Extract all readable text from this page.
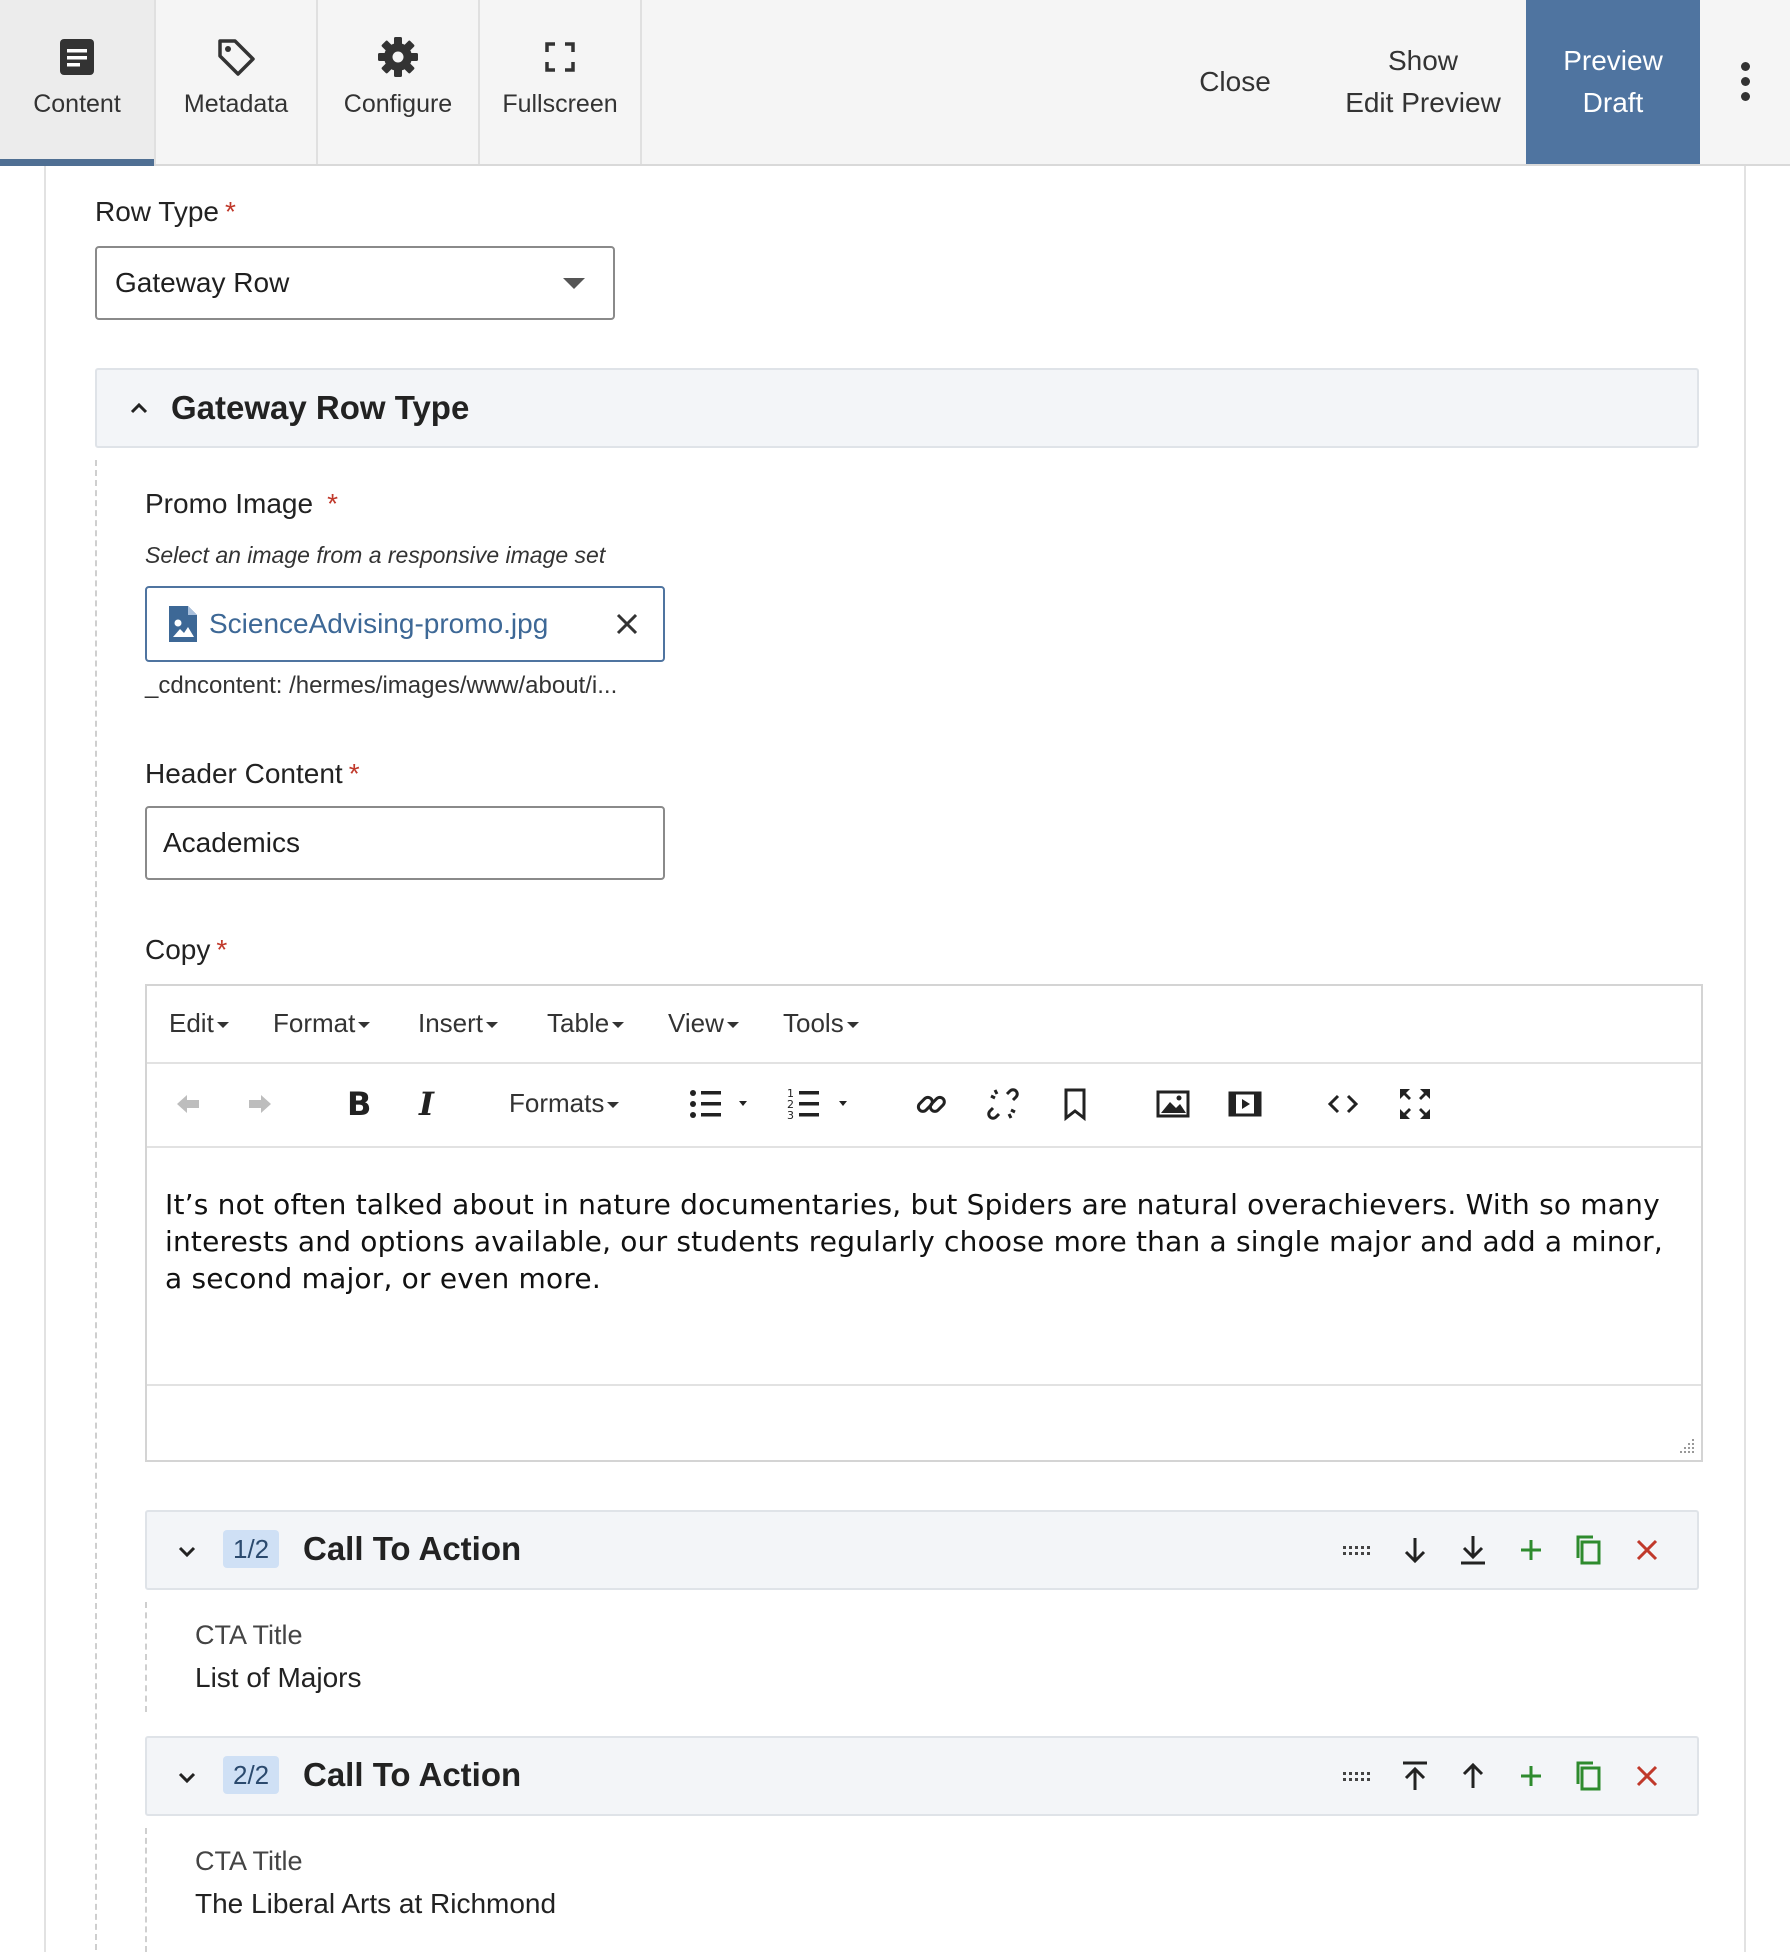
Content	Metadata	Configure	Fullscreen
Close
Show
Edit Preview
Preview
Draft
Row Type *
Gateway Row
Gateway Row Type
Promo Image *
Select an image from a responsive image set
ScienceAdvising-promo.jpg
_cdncontent: /hermes/images/www/about/i...
Header Content *
Academics
Copy *
Edit	Format	Insert	Table	View	Tools
B I	Formats	1
2
3
It’s not often talked about in nature documentaries, but Spiders are natural overachievers. With so many interests and options available, our students regularly choose more than a single major and add a minor, a second major, or even more.
1/2	Call To Action
CTA Title
List of Majors
2/2	Call To Action
CTA Title
The Liberal Arts at Richmond
